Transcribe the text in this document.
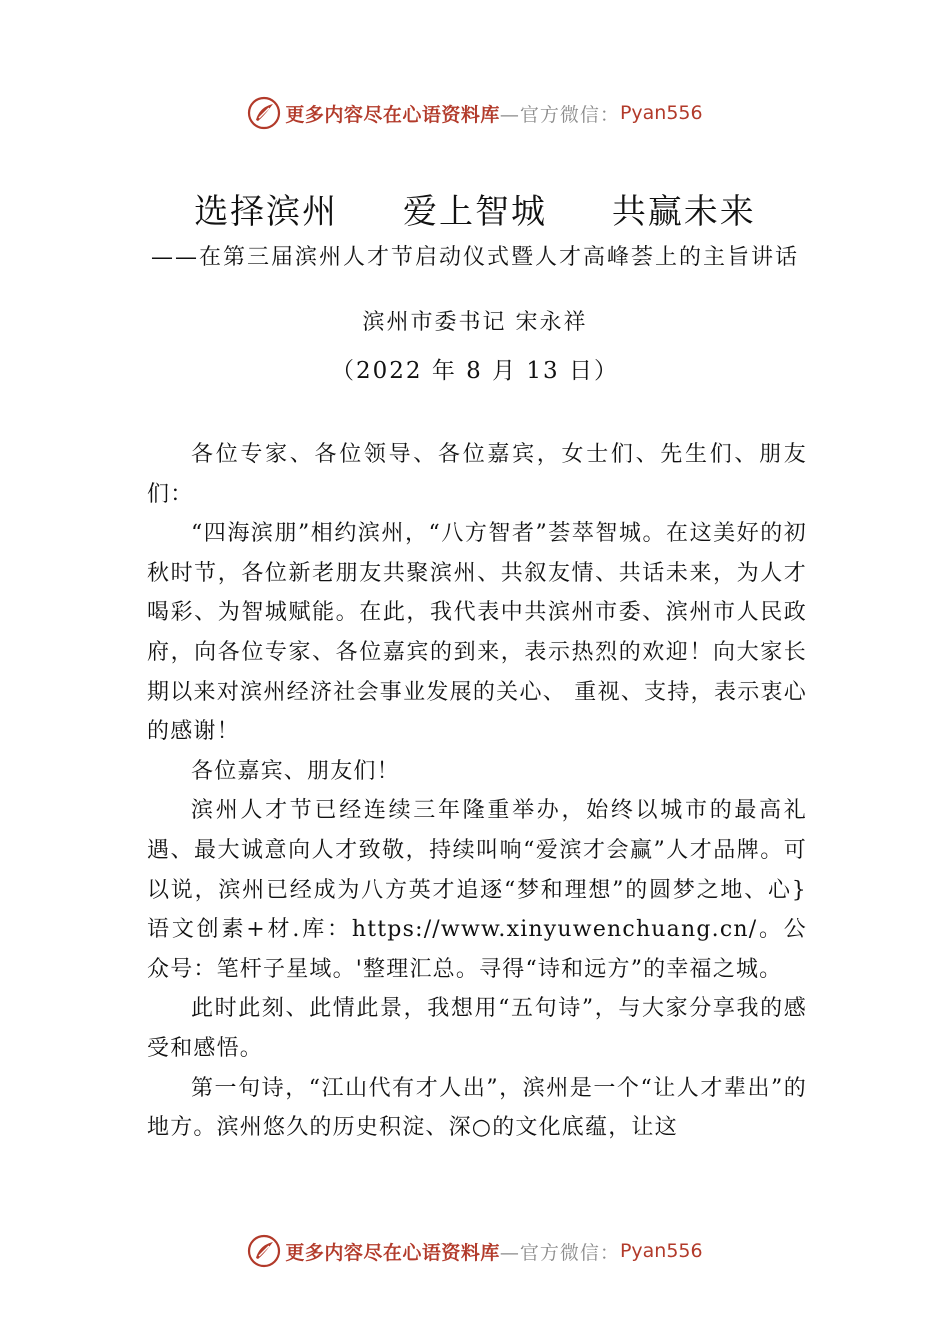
更多内容尽在心语资料库 —官方微信： Pyan556
选择滨州 爱上智城 共赢未来
——在第三届滨州人才节启动仪式暨人才高峰荟上的主旨讲话
滨州市委书记 宋永祥
（2022 年 8 月 13 日）

各位专家、各位领导、各位嘉宾，女士们、先生们、朋友们：

“四海滨朋”相约滨州，“八方智者”荟萃智城。在这美好的初秋时节，各位新老朋友共聚滨州、共叙友情、共话未来，为人才喝彩、为智城赋能。在此，我代表中共滨州市委、滨州市人民政府，向各位专家、各位嘉宾的到来，表示热烈的欢迎！向大家长期以来对滨州经济社会事业发展的关心、 重视、支持，表示衷心的感谢！

各位嘉宾、朋友们！

滨州人才节已经连续三年隆重举办，始终以城市的最高礼遇、最大诚意向人才致敬，持续叫响“爱滨才会赢”人才品牌。可以说，滨州已经成为八方英才追逐“梦和理想”的圆梦之地、心}语文创素+材.库：https://www.xinyuwenchuang.cn/。公众号：笔杆子星域。'整理汇总。寻得“诗和远方”的幸福之城。

此时此刻、此情此景，我想用“五句诗”，与大家分享我的感受和感悟。

第一句诗，“江山代有才人出”，滨州是一个“让人才辈出”的地方。滨州悠久的历史积淀、深○的文化底蕴，让这

更多内容尽在心语资料库 —官方微信： Pyan556
